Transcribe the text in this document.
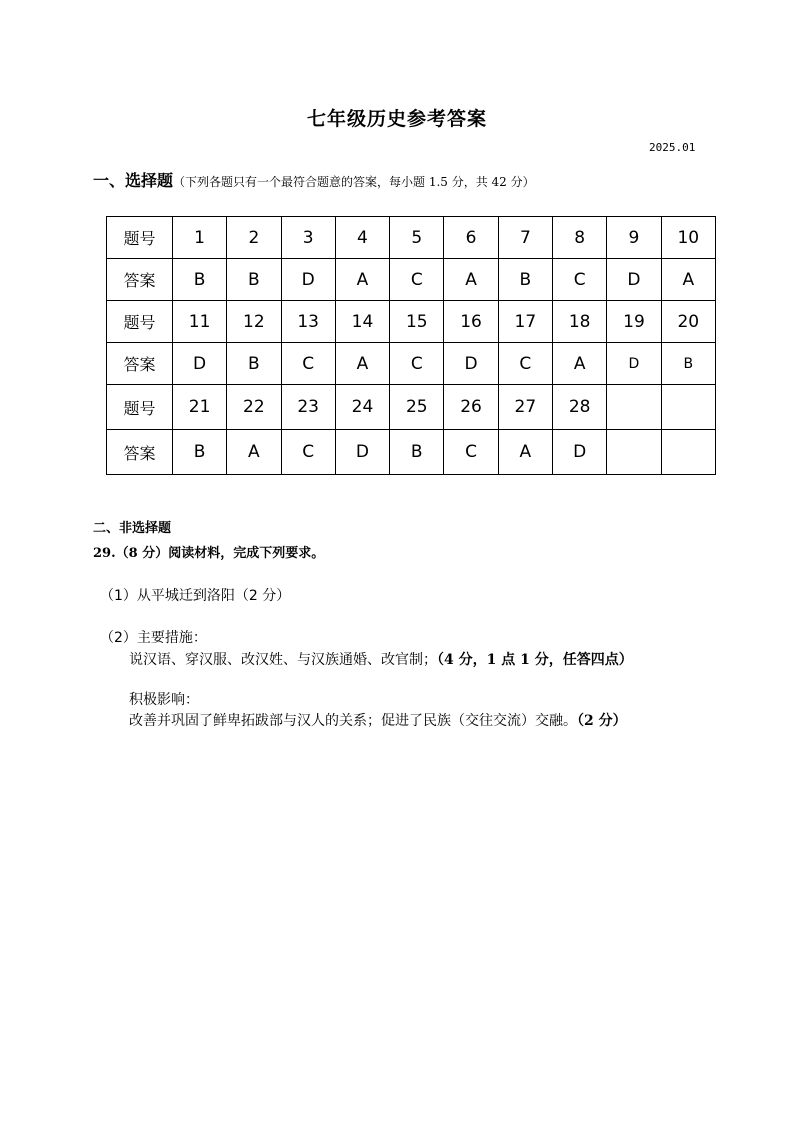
七年级历史参考答案
2025.01
一、选择题（下列各题只有一个最符合题意的答案，每小题 1.5 分，共 42 分）
题号	1	2	3	4	5	6	7	8	9	10
答案	B	B	D	A	C	A	B	C	D	A
题号	11	12	13	14	15	16	17	18	19	20
答案	D	B	C	A	C	D	C	A	D	B
题号	21	22	23	24	25	26	27	28		
答案	B	A	C	D	B	C	A	D		
二、非选择题
29.（8 分）阅读材料，完成下列要求。
（1）从平城迁到洛阳（2 分）
（2）主要措施：
说汉语、穿汉服、改汉姓、与汉族通婚、改官制；（4 分，1 点 1 分，任答四点）
积极影响：
改善并巩固了鲜卑拓跋部与汉人的关系；促进了民族（交往交流）交融。（2 分）
